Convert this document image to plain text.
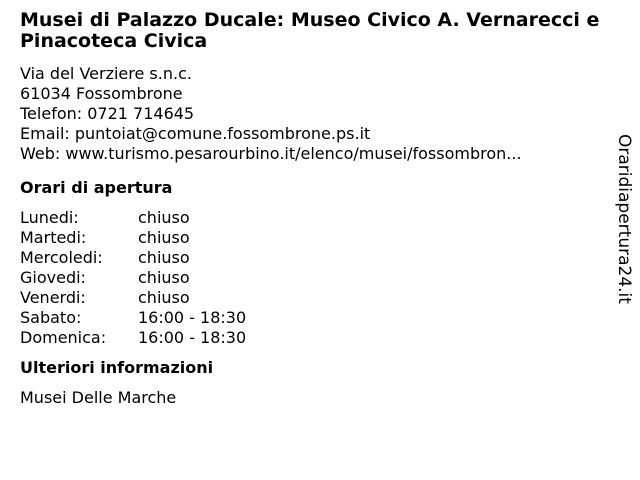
Musei di Palazzo Ducale: Museo Civico A. Vernarecci e Pinacoteca Civica
Via del Verziere s.n.c.
61034 Fossombrone
Telefon: 0721 714645
Email: puntoiat@comune.fossombrone.ps.it
Web: www.turismo.pesarourbino.it/elenco/musei/fossombron...
Orari di apertura
Lunedi:	chiuso
Martedi:	chiuso
Mercoledi:	chiuso
Giovedi:	chiuso
Venerdi:	chiuso
Sabato:	16:00 - 18:30
Domenica:	16:00 - 18:30
Ulteriori informazioni
Musei Delle Marche
Oraridiapertura24.it
